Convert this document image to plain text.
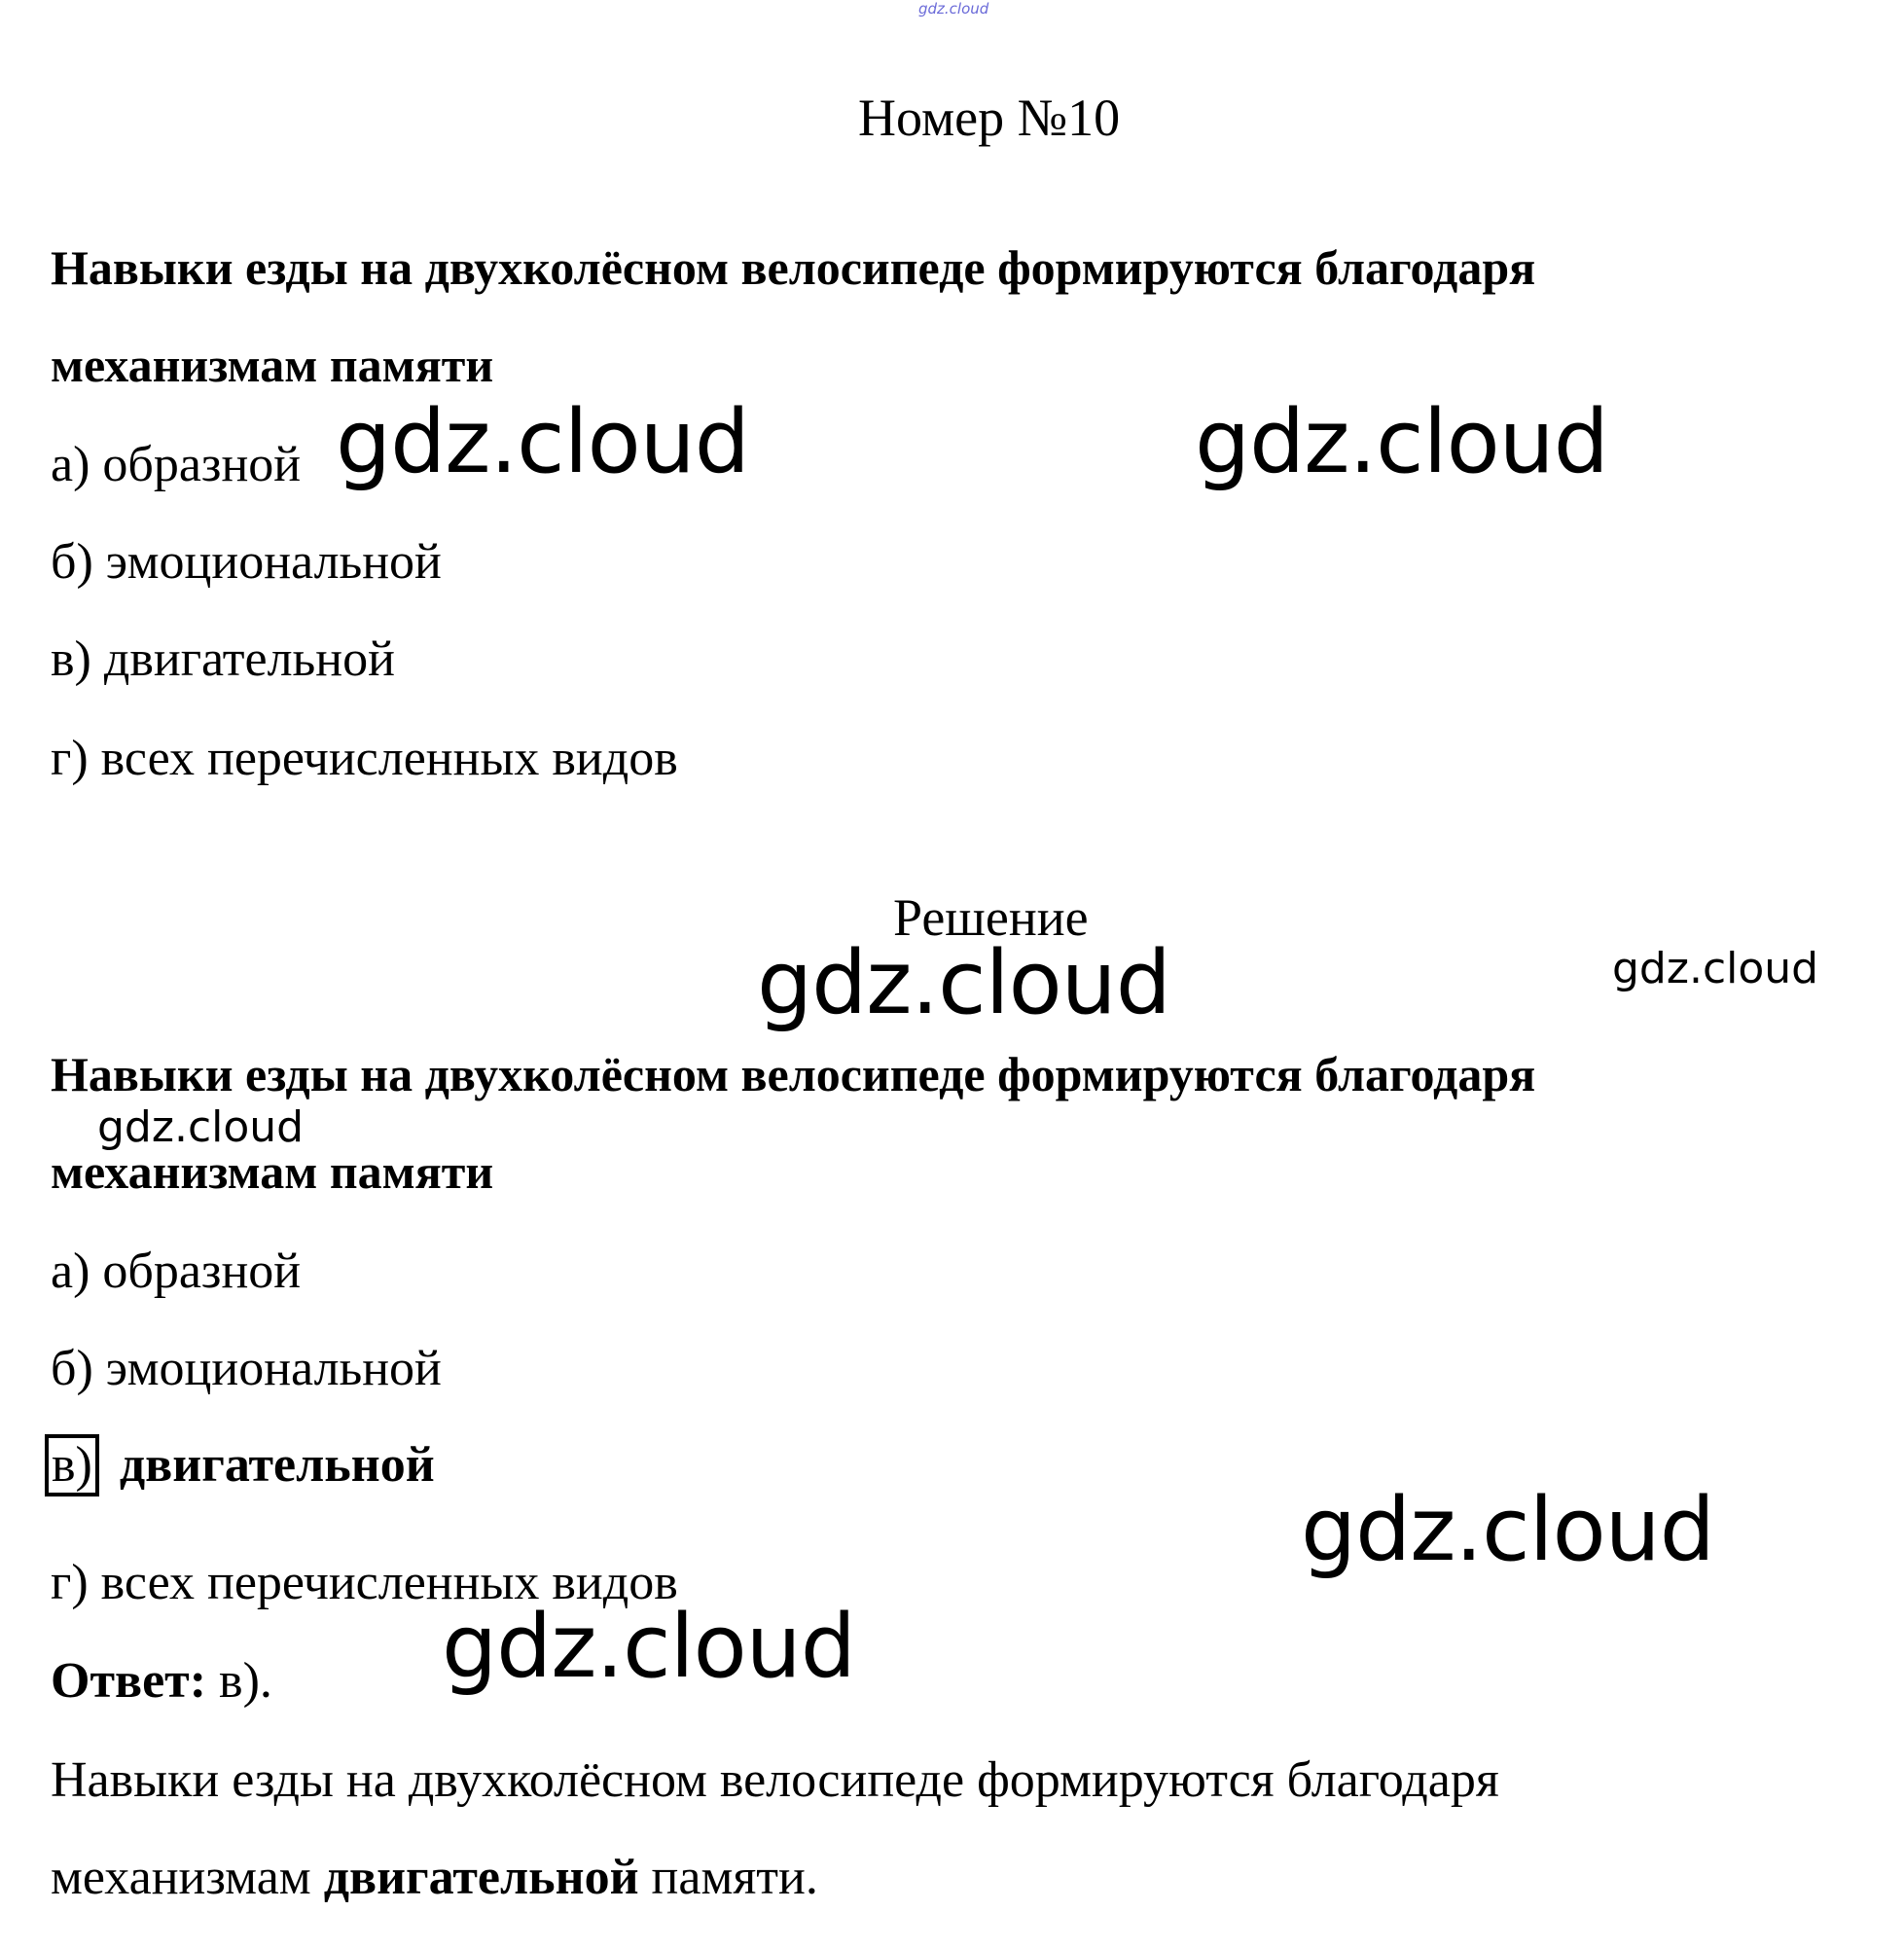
gdz.cloud
Номер №10
Навыки езды на двухколёсном велосипеде формируются благодаря
механизмам памяти
а) образной
б) эмоциональной
в) двигательной
г) всех перечисленных видов
Решение
Навыки езды на двухколёсном велосипеде формируются благодаря
механизмам памяти
а) образной
б) эмоциональной
в) двигательной
г) всех перечисленных видов
Ответ: в).
Навыки езды на двухколёсном велосипеде формируются благодаря
механизмам двигательной памяти.
gdz.cloud	gdz.cloud
gdz.cloud	gdz.cloud
gdz.cloud
gdz.cloud
gdz.cloud
